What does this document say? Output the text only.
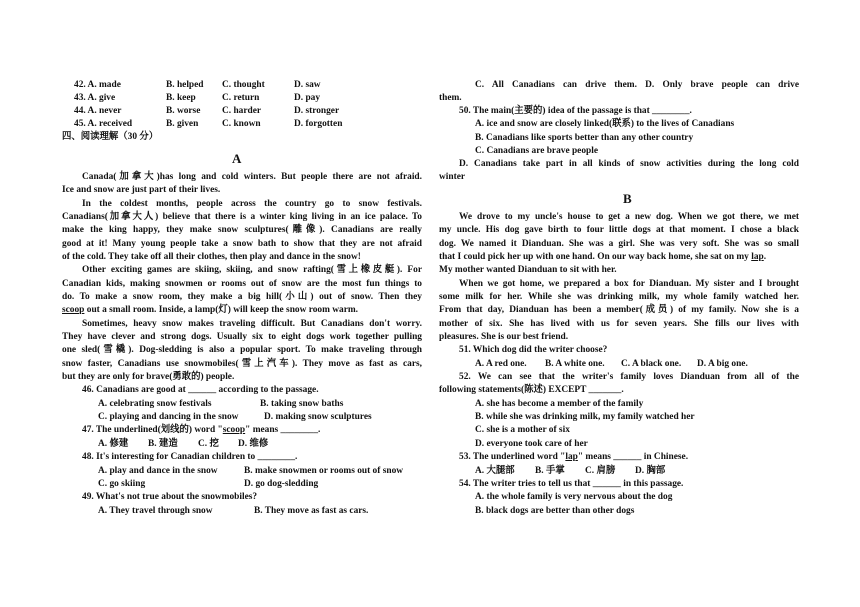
42. A. made	B. helped C. thought	D. saw
43. A. give	B. keep	C. return	D. pay
44. A. never	B. worse C. harder	D. stronger
45. A. received	B. given	C. known	D. forgotten
四、阅读理解（30 分）
A
Canada(加拿大)has long and cold winters. But people there are not afraid.
Ice and snow are just part of their lives.
In the coldest months, people across the country go to snow festivals.
Canadians(加拿大人) believe that there is a winter king living in an ice palace. To
make the king happy, they make snow sculptures(雕像). Canadians are really
good at it! Many young people take a snow bath to show that they are not afraid
of the cold. They take off all their clothes, then play and dance in the snow!
Other exciting games are skiing, skiing, and snow rafting(雪上橡皮艇). For
Canadian kids, making snowmen or rooms out of snow are the most fun things to
do. To make a snow room, they make a big hill(小山) out of snow. Then they
scoop out a small room. Inside, a lamp(灯) will keep the snow room warm.
Sometimes, heavy snow makes traveling difficult. But Canadians don't worry.
They have clever and strong dogs. Usually six to eight dogs work together pulling
one sled(雪橇). Dog-sledding is also a popular sport. To make traveling through
snow faster, Canadians use snowmobiles(雪上汽车). They move as fast as cars,
but they are only for brave(勇敢的) people.
46. Canadians are good at ______ according to the passage.
A. celebrating snow festivals	B. taking snow baths
C. playing and dancing in the snow	D. making snow sculptures
47. The underlined(划线的) word "scoop" means ________.
A. 修建 B. 建造 C. 挖 D. 维修
48. It's interesting for Canadian children to ________.
A. play and dance in the snow	B. make snowmen or rooms out of snow
C. go skiing	D. go dog-sledding
49. What's not true about the snowmobiles?
A. They travel through snow	B. They move as fast as cars.
C. All Canadians can drive them. D. Only brave people can drive
them.
50. The main(主要的) idea of the passage is that ________.
A. ice and snow are closely linked(联系) to the lives of Canadians
B. Canadians like sports better than any other country
C. Canadians are brave people
D. Canadians take part in all kinds of snow activities during the long cold
winter
B
We drove to my uncle's house to get a new dog. When we got there, we met
my uncle. His dog gave birth to four little dogs at that moment. I chose a black
dog. We named it Dianduan. She was a girl. She was very soft. She was so small
that I could pick her up with one hand. On our way back home, she sat on my lap.
My mother wanted Dianduan to sit with her.
When we got home, we prepared a box for Dianduan. My sister and I brought
some milk for her. While she was drinking milk, my whole family watched her.
From that day, Dianduan has been a member(成员) of my family. Now she is a
mother of six. She has lived with us for seven years. She fills our lives with
pleasures. She is our best friend.
51. Which dog did the writer choose?
A. A red one. B. A white one. C. A black one. D. A big one.
52. We can see that the writer's family loves Dianduan from all of the
following statements(陈述) EXCEPT _______.
A. she has become a member of the family
B. while she was drinking milk, my family watched her
C. she is a mother of six
D. everyone took care of her
53. The underlined word "lap" means ______ in Chinese.
A. 大腿部 B. 手掌 C. 肩膀 D. 胸部
54. The writer tries to tell us that ______ in this passage.
A. the whole family is very nervous about the dog
B. black dogs are better than other dogs
